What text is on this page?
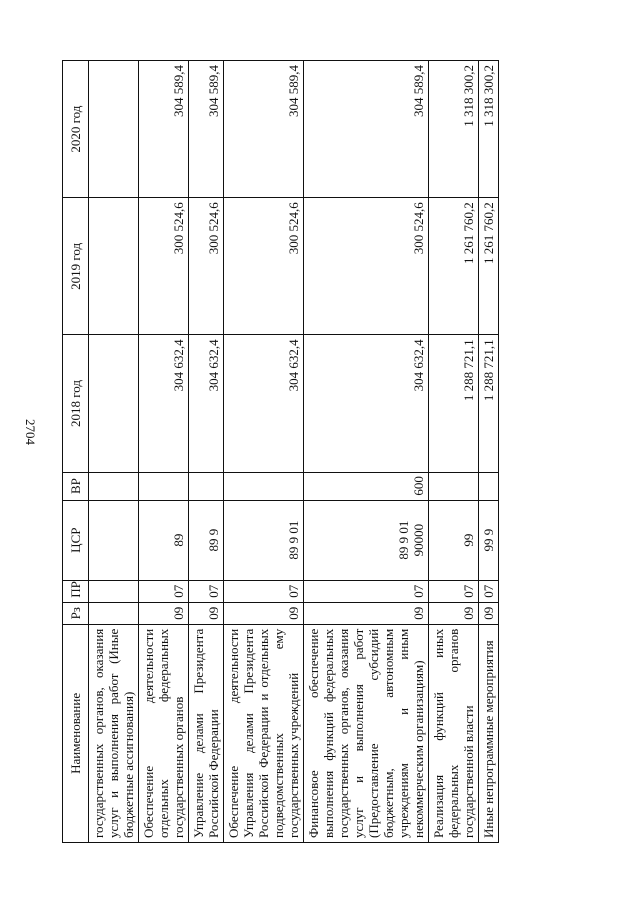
2704
Наименование	Рз	ПР	ЦСР	ВР	2018 год	2019 год	2020 год
государственных органов, оказания услуг и выполнения работ (Иные бюджетные ассигнования)							
Обеспечение деятельности отдельных федеральных государственных органов	09	07	89		304 632,4	300 524,6	304 589,4
Управление делами Президента Российской Федерации	09	07	89 9		304 632,4	300 524,6	304 589,4
Обеспечение деятельности Управления делами Президента Российской Федерации и отдельных подведомственных ему государственных учреждений	09	07	89 9 01		304 632,4	300 524,6	304 589,4
Финансовое обеспечение выполнения функций федеральных государственных органов, оказания услуг и выполнения работ (Предоставление субсидий бюджетным, автономным учреждениям и иным некоммерческим организациям)	09	07	89 9 01 90000	600	304 632,4	300 524,6	304 589,4
Реализация функций иных федеральных органов государственной власти	09	07	99		1 288 721,1	1 261 760,2	1 318 300,2
Иные непрограммные мероприятия	09	07	99 9		1 288 721,1	1 261 760,2	1 318 300,2
